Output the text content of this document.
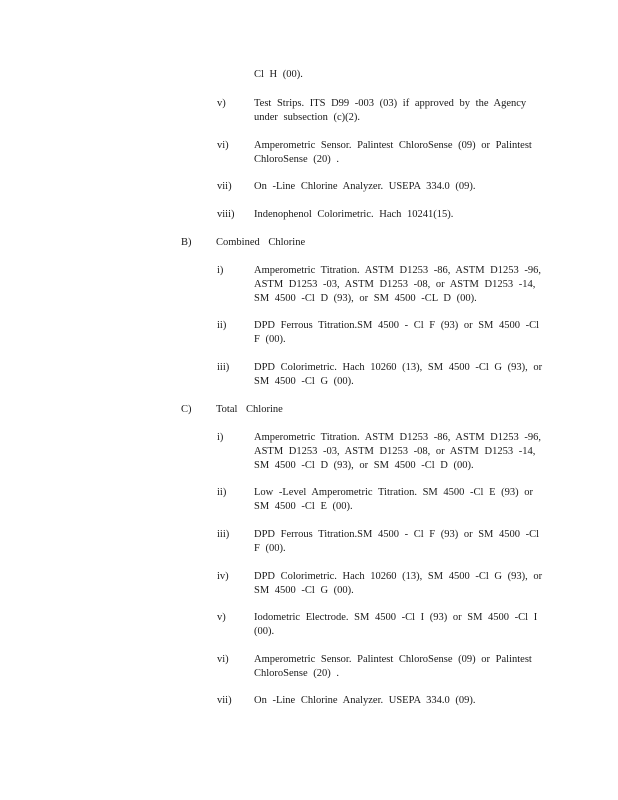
Cl H (00).
v)	Test Strips. ITS D99 -003 (03) if approved by the Agency under subsection (c)(2).
vi) Amperometric Sensor. Palintest ChloroSense (09) or Palintest ChloroSense (20) .
vii) On -Line Chlorine Analyzer. USEPA 334.0 (09).
viii) Indenophenol Colorimetric. Hach 10241(15).
B) Combined Chlorine
i)	Amperometric Titration. ASTM D1253 -86, ASTM D1253 -96, ASTM D1253 -03, ASTM D1253 -08, or ASTM D1253 -14, SM 4500 -Cl D (93), or SM 4500 -CL D (00).
ii)	DPD Ferrous Titration.SM 4500 - Cl F (93) or SM 4500 -Cl F (00).
iii) DPD Colorimetric. Hach 10260 (13), SM 4500 -Cl G (93), or SM 4500 -Cl G (00).
C) Total Chlorine
i)	Amperometric Titration. ASTM D1253 -86, ASTM D1253 -96, ASTM D1253 -03, ASTM D1253 -08, or ASTM D1253 -14, SM 4500 -Cl D (93), or SM 4500 -Cl D (00).
ii)	Low -Level Amperometric Titration. SM 4500 -Cl E (93) or SM 4500 -Cl E (00).
iii) DPD Ferrous Titration.SM 4500 - Cl F (93) or SM 4500 -Cl F (00).
iv) DPD Colorimetric. Hach 10260 (13), SM 4500 -Cl G (93), or SM 4500 -Cl G (00).
v)	Iodometric Electrode. SM 4500 -Cl I (93) or SM 4500 -Cl I (00).
vi) Amperometric Sensor. Palintest ChloroSense (09) or Palintest ChloroSense (20) .
vii) On -Line Chlorine Analyzer. USEPA 334.0 (09).
